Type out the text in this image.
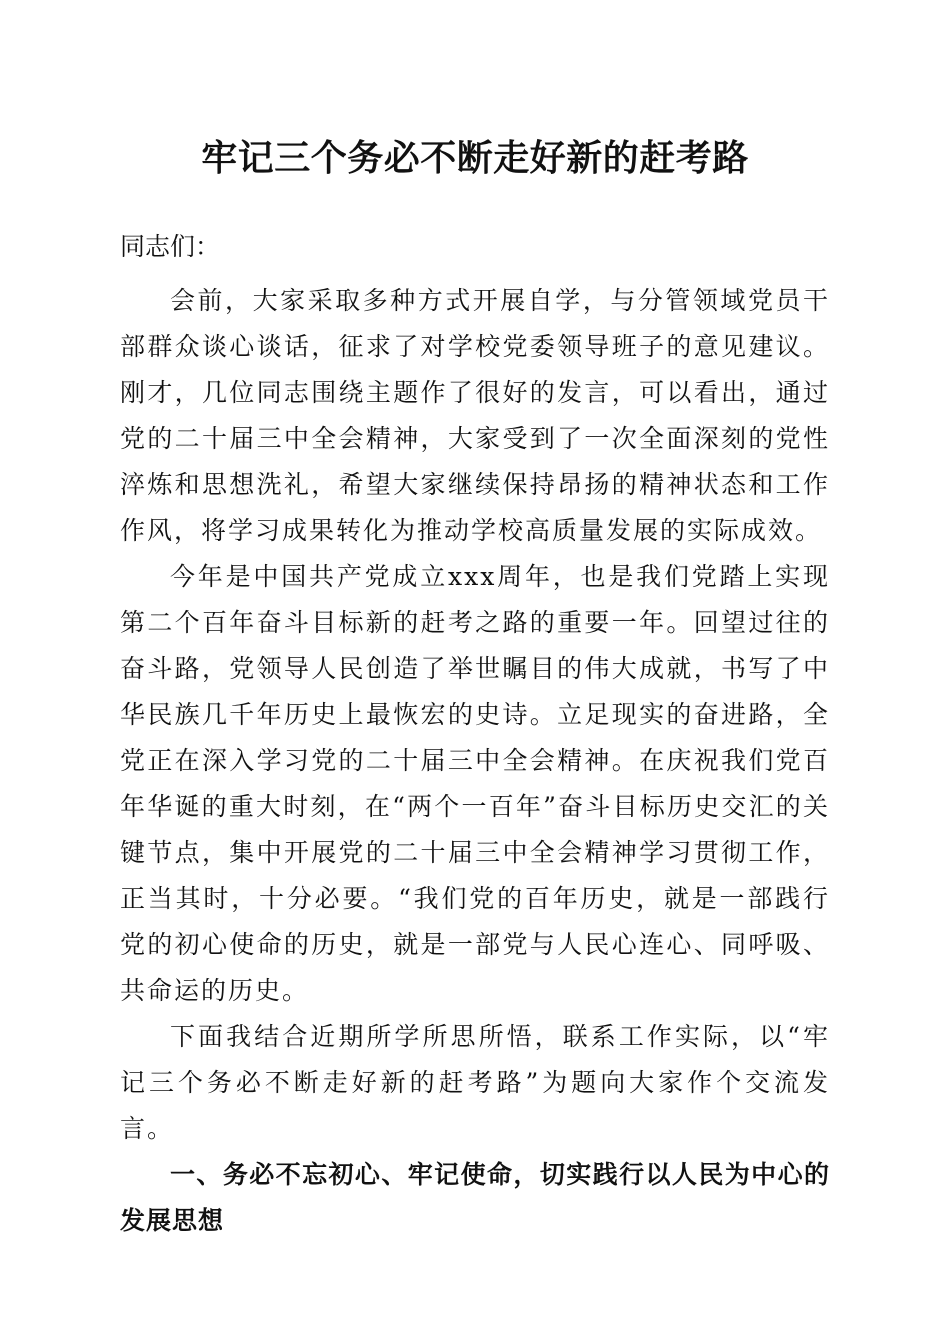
牢记三个务必不断走好新的赶考路

同志们：

会前，大家采取多种方式开展自学，与分管领域党员干部群众谈心谈话，征求了对学校党委领导班子的意见建议。刚才，几位同志围绕主题作了很好的发言，可以看出，通过党的二十届三中全会精神，大家受到了一次全面深刻的党性淬炼和思想洗礼，希望大家继续保持昂扬的精神状态和工作作风，将学习成果转化为推动学校高质量发展的实际成效。

今年是中国共产党成立xxx周年，也是我们党踏上实现第二个百年奋斗目标新的赶考之路的重要一年。回望过往的奋斗路，党领导人民创造了举世瞩目的伟大成就，书写了中华民族几千年历史上最恢宏的史诗。立足现实的奋进路，全党正在深入学习党的二十届三中全会精神。在庆祝我们党百年华诞的重大时刻，在“两个一百年”奋斗目标历史交汇的关键节点，集中开展党的二十届三中全会精神学习贯彻工作，正当其时，十分必要。“我们党的百年历史，就是一部践行党的初心使命的历史，就是一部党与人民心连心、同呼吸、共命运的历史。

下面我结合近期所学所思所悟，联系工作实际，以“牢记三个务必不断走好新的赶考路”为题向大家作个交流发言。

一、务必不忘初心、牢记使命，切实践行以人民为中心的发展思想
